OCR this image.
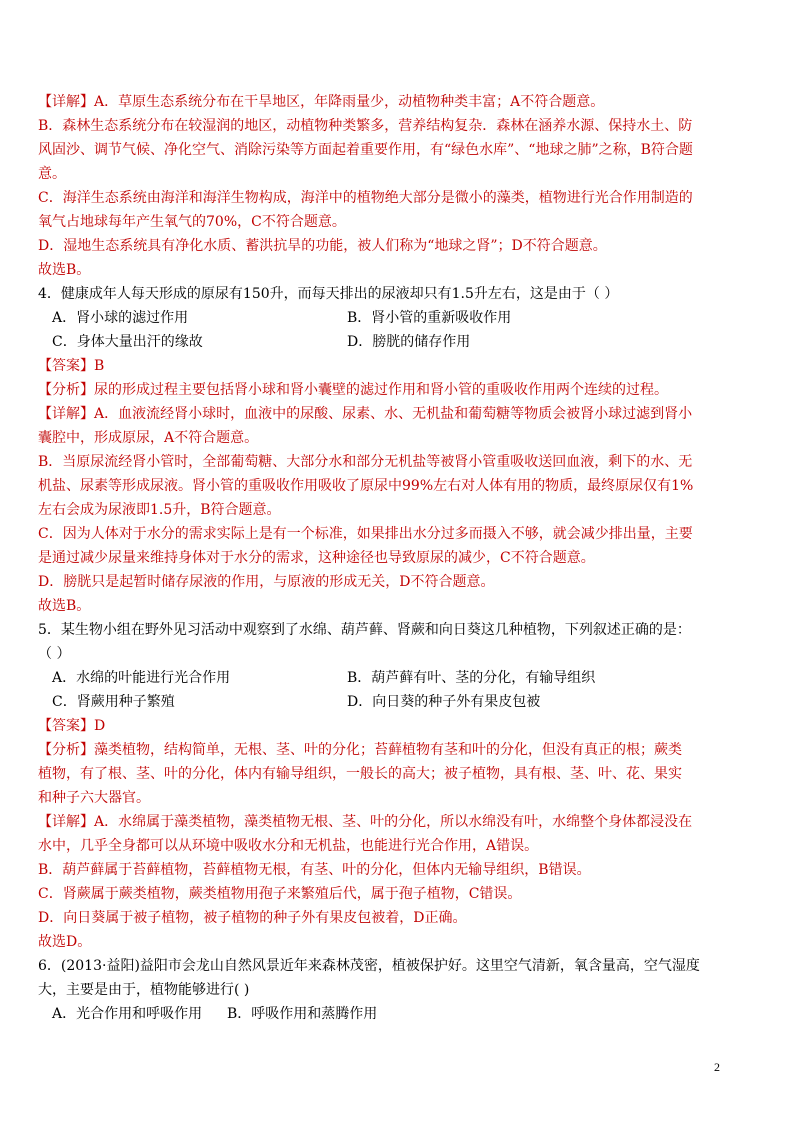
【详解】A．草原生态系统分布在干旱地区，年降雨量少，动植物种类丰富；A不符合题意。

B．森林生态系统分布在较湿润的地区，动植物种类繁多，营养结构复杂．森林在涵养水源、保持水土、防

风固沙、调节气候、净化空气、消除污染等方面起着重要作用，有“绿色水库”、“地球之肺”之称，B符合题

意。

C．海洋生态系统由海洋和海洋生物构成，海洋中的植物绝大部分是微小的藻类，植物进行光合作用制造的

氧气占地球每年产生氧气的70%，C不符合题意。

D．湿地生态系统具有净化水质、蓄洪抗旱的功能，被人们称为“地球之肾”；D不符合题意。

故选B。

4．健康成年人每天形成的原尿有150升，而每天排出的尿液却只有1.5升左右，这是由于（ ）

A．肾小球的滤过作用	B．肾小管的重新吸收作用
C．身体大量出汗的缘故	D．膀胱的储存作用

【答案】B

【分析】尿的形成过程主要包括肾小球和肾小囊壁的滤过作用和肾小管的重吸收作用两个连续的过程。

【详解】A．血液流经肾小球时，血液中的尿酸、尿素、水、无机盐和葡萄糖等物质会被肾小球过滤到肾小

囊腔中，形成原尿，A不符合题意。

B．当原尿流经肾小管时，全部葡萄糖、大部分水和部分无机盐等被肾小管重吸收送回血液，剩下的水、无

机盐、尿素等形成尿液。肾小管的重吸收作用吸收了原尿中99%左右对人体有用的物质，最终原尿仅有1%

左右会成为尿液即1.5升，B符合题意。

C．因为人体对于水分的需求实际上是有一个标准，如果排出水分过多而摄入不够，就会减少排出量，主要

是通过减少尿量来维持身体对于水分的需求，这种途径也导致原尿的减少，C不符合题意。

D．膀胱只是起暂时储存尿液的作用，与原液的形成无关，D不符合题意。

故选B。

5．某生物小组在野外见习活动中观察到了水绵、葫芦藓、肾蕨和向日葵这几种植物，下列叙述正确的是：

（ ）

A．水绵的叶能进行光合作用	B．葫芦藓有叶、茎的分化，有输导组织
C．肾蕨用种子繁殖	D．向日葵的种子外有果皮包被

【答案】D

【分析】藻类植物，结构简单，无根、茎、叶的分化；苔藓植物有茎和叶的分化，但没有真正的根；蕨类

植物，有了根、茎、叶的分化，体内有输导组织，一般长的高大；被子植物，具有根、茎、叶、花、果实

和种子六大器官。

【详解】A．水绵属于藻类植物，藻类植物无根、茎、叶的分化，所以水绵没有叶，水绵整个身体都浸没在

水中，几乎全身都可以从环境中吸收水分和无机盐，也能进行光合作用，A错误。

B．葫芦藓属于苔藓植物，苔藓植物无根，有茎、叶的分化，但体内无输导组织，B错误。

C．肾蕨属于蕨类植物，蕨类植物用孢子来繁殖后代，属于孢子植物，C错误。

D．向日葵属于被子植物，被子植物的种子外有果皮包被着，D正确。

故选D。

6．(2013·益阳)益阳市会龙山自然风景近年来森林茂密，植被保护好。这里空气清新，氧含量高，空气湿度

大，主要是由于，植物能够进行( )

A．光合作用和呼吸作用	B．呼吸作用和蒸腾作用
2
